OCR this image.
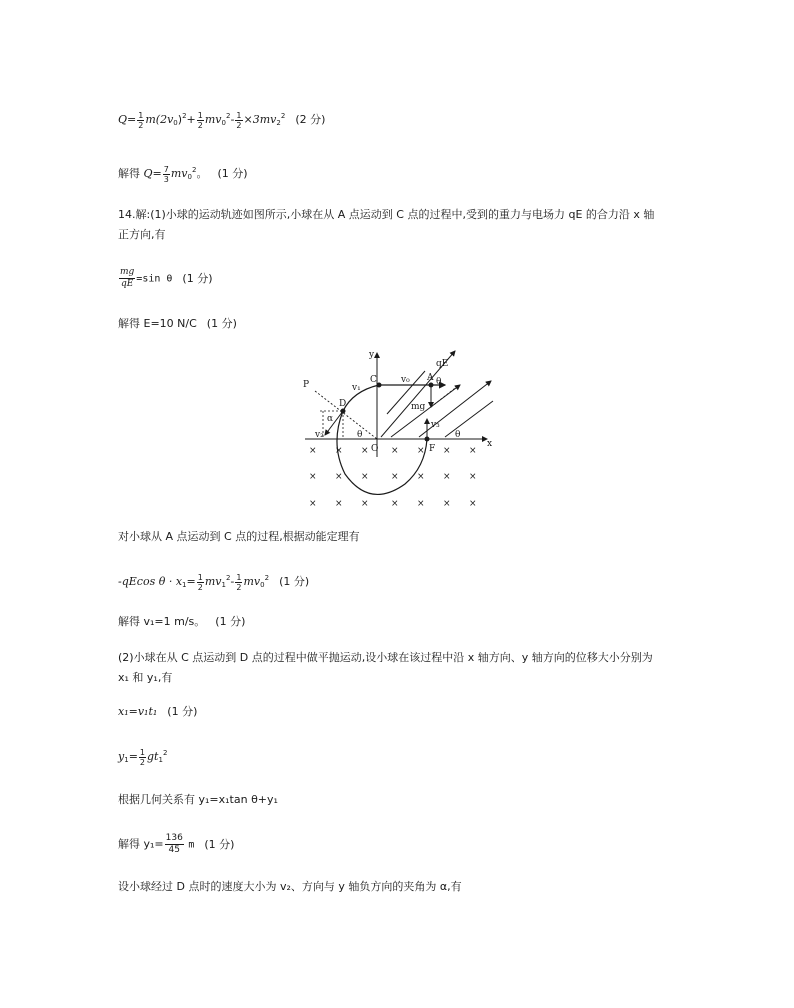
$Q= \frac{1}{2} m(2v_0)^2+ \frac{1}{2} mv_0^2- \frac{1}{2} \times 3mv_2^2$ (2 分)
解得 $Q= \frac{7}{3} mv_0^2$。 (1 分)
14.解:(1)小球的运动轨迹如图所示,小球在从 A 点运动到 C 点的过程中,受到的重力与电场力 qE 的合力沿 x 轴
正方向,有
$\frac{mg}{qE} =\sin$ θ (1 分)
解得 E=10 N/C (1 分)
y
x
P	C	A
D
O	F
qE
mg
v₁
v₀
v₂
v₃
θ
θ
θ
α
× × × × × × ×
× × × × × × ×
× × × × × × ×
对小球从 A 点运动到 C 点的过程,根据动能定理有
-qEcos $\theta \cdot x_1= \frac{1}{2} mv_1^2- \frac{1}{2} mv_0^2$ (1 分)
解得 v₁=1 m/s。 (1 分)
(2)小球在从 C 点运动到 D 点的过程中做平抛运动,设小球在该过程中沿 x 轴方向、y 轴方向的位移大小分别为
x₁ 和 y₁,有
x₁=v₁t₁ (1 分)
$y_1= \frac{1}{2} gt_1^2$
根据几何关系有 y₁=x₁tan θ+y₁
解得 $y_1= \frac{136}{45}$ m (1 分)
设小球经过 D 点时的速度大小为 v₂、方向与 y 轴负方向的夹角为 α,有
